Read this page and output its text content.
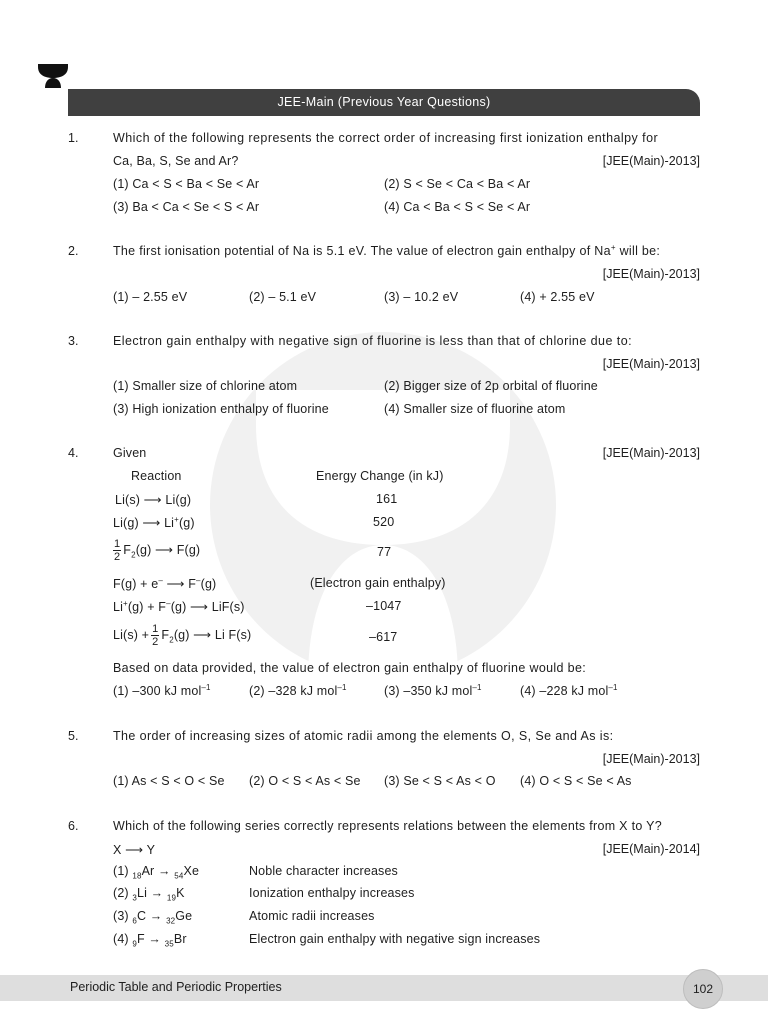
JEE-Main (Previous Year Questions)
1.	Which of the following represents the correct order of increasing first ionization enthalpy for
Ca, Ba, S, Se and Ar?	[JEE(Main)-2013]
(1) Ca < S < Ba < Se < Ar	(2) S < Se < Ca < Ba < Ar
(3) Ba < Ca < Se < S < Ar	(4) Ca < Ba < S < Se < Ar
2.	The first ionisation potential of Na is 5.1 eV. The value of electron gain enthalpy of Na+ will be:
[JEE(Main)-2013]
(1) – 2.55 eV	(2) – 5.1 eV	(3) – 10.2 eV	(4) + 2.55 eV
3.	Electron gain enthalpy with negative sign of fluorine is less than that of chlorine due to:
[JEE(Main)-2013]
(1) Smaller size of chlorine atom	(2) Bigger size of 2p orbital of fluorine
(3) High ionization enthalpy of fluorine	(4) Smaller size of fluorine atom
4.	Given	[JEE(Main)-2013]
Reaction	Energy Change (in kJ)
Li(s) ⟶ Li(g)	161
Li(g) ⟶ Li+(g)	520
$\frac{1}{2} F_2(g)$ ⟶ F(g)	77
F(g) + e– ⟶ F–(g)	(Electron gain enthalpy)
Li+(g) + F–(g) ⟶ LiF(s)	–1047
$Li(s) + \frac{1}{2} F_2(g)$ ⟶ Li F(s)	–617
Based on data provided, the value of electron gain enthalpy of fluorine would be:
(1) –300 kJ mol$^{-1}$	(2) –328 kJ mol$^{-1}$	(3) –350 kJ mol$^{-1}$	(4) –228 kJ mol$^{-1}$
5.	The order of increasing sizes of atomic radii among the elements O, S, Se and As is:
[JEE(Main)-2013]
(1) As < S < O < Se (2) O < S < As < Se (3) Se < S < As < O (4) O < S < Se < As
6.	Which of the following series correctly represents relations between the elements from X to Y?
X ⟶ Y	[JEE(Main)-2014]
(1) $_{18}$Ar → $_{54}$Xe	Noble character increases
(2) $_3$Li → $_{19}$K	Ionization enthalpy increases
(3) $_6$C → $_{32}$Ge	Atomic radii increases
(4) $_9$F → $_{35}$Br	Electron gain enthalpy with negative sign increases
Periodic Table and Periodic Properties	102
